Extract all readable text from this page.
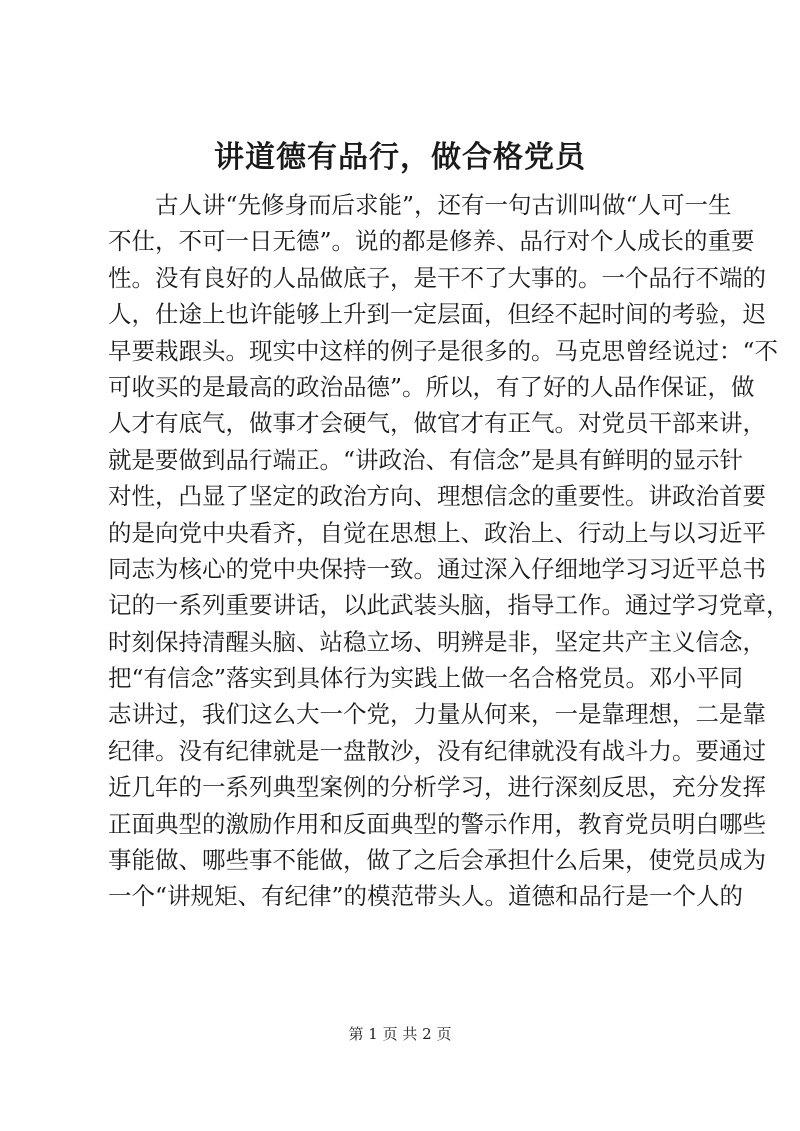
讲道德有品行，做合格党员
古人讲“先修身而后求能”，还有一句古训叫做“人可一生
不仕，不可一日无德”。说的都是修养、品行对个人成长的重要
性。没有良好的人品做底子，是干不了大事的。一个品行不端的
人，仕途上也许能够上升到一定层面，但经不起时间的考验，迟
早要栽跟头。现实中这样的例子是很多的。马克思曾经说过：“不
可收买的是最高的政治品德”。所以，有了好的人品作保证，做
人才有底气，做事才会硬气，做官才有正气。对党员干部来讲，
就是要做到品行端正。“讲政治、有信念”是具有鲜明的显示针
对性，凸显了坚定的政治方向、理想信念的重要性。讲政治首要
的是向党中央看齐，自觉在思想上、政治上、行动上与以习近平
同志为核心的党中央保持一致。通过深入仔细地学习习近平总书
记的一系列重要讲话，以此武装头脑，指导工作。通过学习党章，
时刻保持清醒头脑、站稳立场、明辨是非，坚定共产主义信念，
把“有信念”落实到具体行为实践上做一名合格党员。邓小平同
志讲过，我们这么大一个党，力量从何来，一是靠理想，二是靠
纪律。没有纪律就是一盘散沙，没有纪律就没有战斗力。要通过
近几年的一系列典型案例的分析学习，进行深刻反思，充分发挥
正面典型的激励作用和反面典型的警示作用，教育党员明白哪些
事能做、哪些事不能做，做了之后会承担什么后果，使党员成为
一个“讲规矩、有纪律”的模范带头人。道德和品行是一个人的
第 1 页 共 2 页
